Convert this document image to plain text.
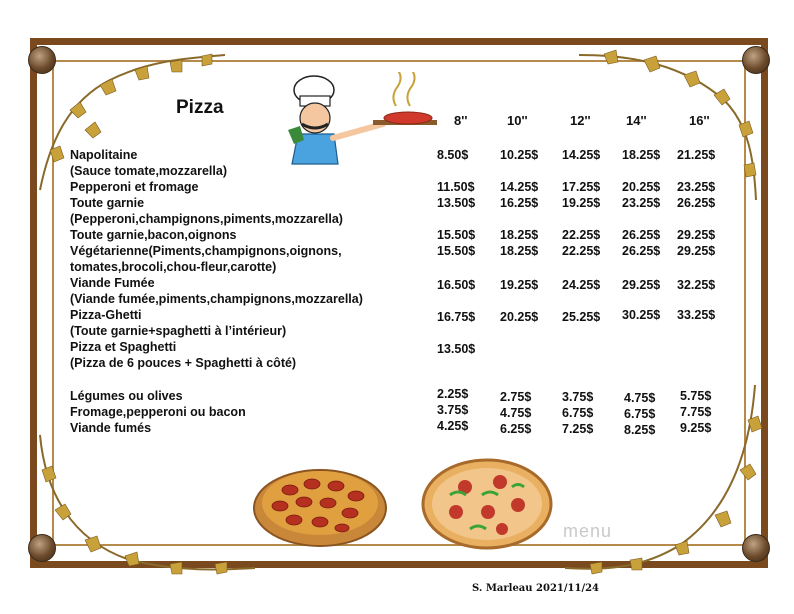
Pizza
8''	10''	12''	14''	16''
Napolitaine	8.50$	10.25$ 14.25$ 18.25$ 21.25$
(Sauce tomate,mozzarella)
Pepperoni et fromage	11.50$ 14.25$ 17.25$ 20.25$ 23.25$
Toute garnie	13.50$ 16.25$ 19.25$ 23.25$ 26.25$
(Pepperoni,champignons,piments,mozzarella)
Toute garnie,bacon,oignons	15.50$ 18.25$ 22.25$ 26.25$ 29.25$
Végétarienne(Piments,champignons,oignons,	15.50$ 18.25$ 22.25$ 26.25$ 29.25$
tomates,brocoli,chou-fleur,carotte)
Viande Fumée	16.50$ 19.25$ 24.25$ 29.25$ 32.25$
(Viande fumée,piments,champignons,mozzarella)
Pizza-Ghetti	16.75$ 20.25$ 25.25$ 30.25$ 33.25$
(Toute garnie+spaghetti à l’intérieur)
Pizza et Spaghetti	13.50$
(Pizza de 6 pouces + Spaghetti à côté)
Légumes ou olives	2.25$	2.75$ 3.75$ 4.75$ 5.75$
Fromage,pepperoni ou bacon	3.75$	4.75$ 6.75$ 6.75$ 7.75$
Viande fumés	4.25$	6.25$ 7.25$ 8.25$ 9.25$
menu
S. Marleau 2021/11/24
